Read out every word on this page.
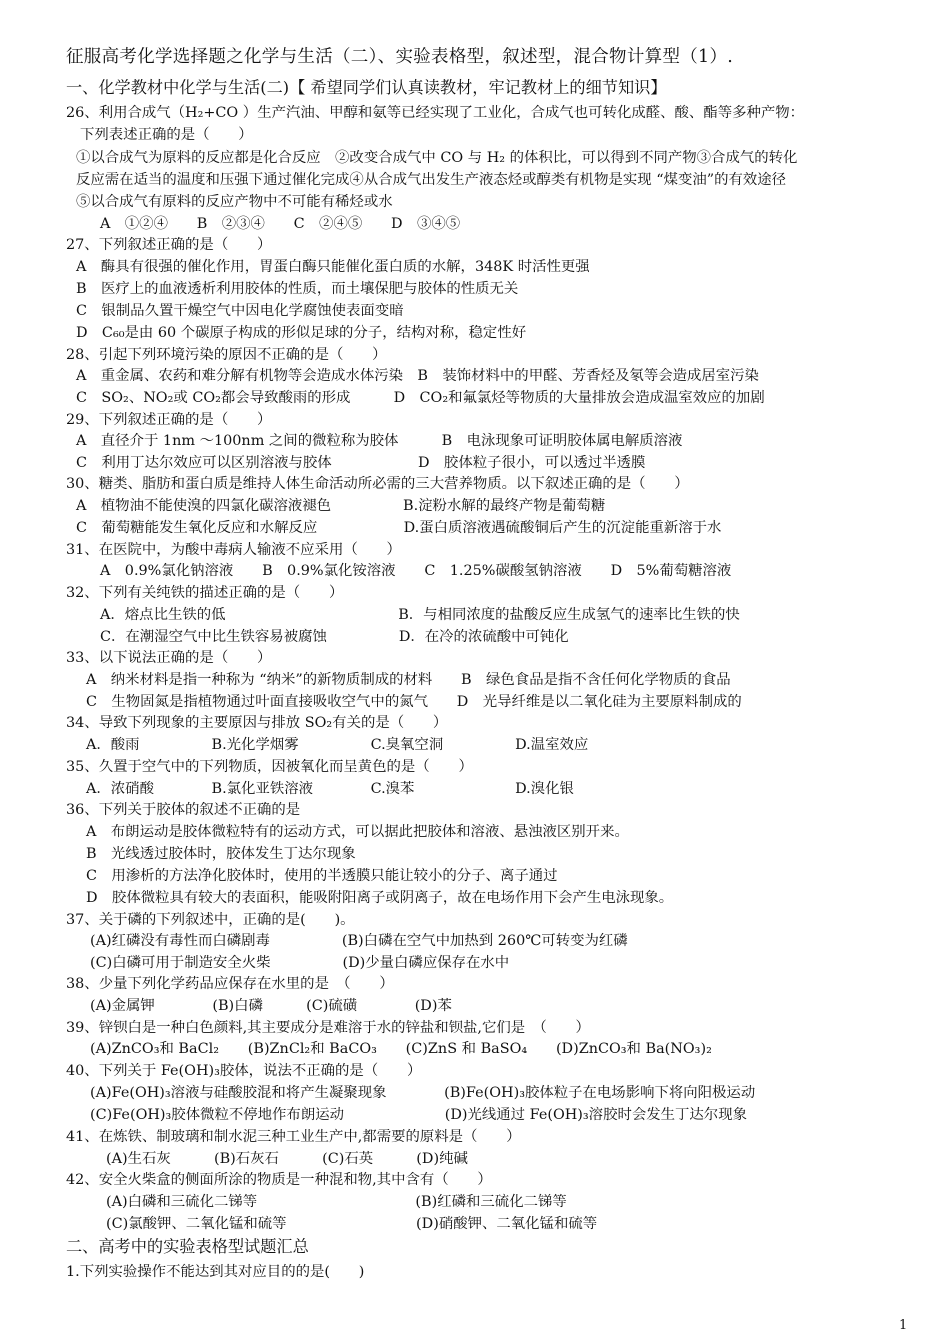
征服高考化学选择题之化学与生活（二）、实验表格型，叙述型，混合物计算型（1）.
一、化学教材中化学与生活(二)【 希望同学们认真读教材，牢记教材上的细节知识】
26、利用合成气（H₂+CO ）生产汽油、甲醇和氨等已经实现了工业化，合成气也可转化成醛、酸、酯等多种产物：
下列表述正确的是（　　）
①以合成气为原料的反应都是化合反应　②改变合成气中 CO 与 H₂ 的体积比，可以得到不同产物③合成气的转化
反应需在适当的温度和压强下通过催化完成④从合成气出发生产液态烃或醇类有机物是实现 “煤变油”的有效途径
⑤以合成气有原料的反应产物中不可能有稀烃或水
A　①②④　　B　②③④　　C　②④⑤　　D　③④⑤
27、下列叙述正确的是（　　）
A　酶具有很强的催化作用，胃蛋白酶只能催化蛋白质的水解，348K 时活性更强
B　医疗上的血液透析利用胶体的性质，而土壤保肥与胶体的性质无关
C　银制品久置干燥空气中因电化学腐蚀使表面变暗
D　C₆₀是由 60 个碳原子构成的形似足球的分子，结构对称，稳定性好
28、引起下列环境污染的原因不正确的是（　　）
A　重金属、农药和难分解有机物等会造成水体污染　B　装饰材料中的甲醛、芳香烃及氡等会造成居室污染
C　SO₂、NO₂或 CO₂都会导致酸雨的形成　　　D　CO₂和氟氯烃等物质的大量排放会造成温室效应的加剧
29、下列叙述正确的是（　　）
A　直径介于 1nm ～100nm 之间的微粒称为胶体　　　B　电泳现象可证明胶体属电解质溶液
C　利用丁达尔效应可以区别溶液与胶体　　　　　　D　胶体粒子很小，可以透过半透膜
30、糖类、脂肪和蛋白质是维持人体生命活动所必需的三大营养物质。以下叙述正确的是（　　）
A　植物油不能使溴的四氯化碳溶液褪色　　　　　B.淀粉水解的最终产物是葡萄糖
C　葡萄糖能发生氧化反应和水解反应　　　　　　D.蛋白质溶液遇硫酸铜后产生的沉淀能重新溶于水
31、在医院中，为酸中毒病人输液不应采用（　　）
A　0.9%氯化钠溶液　　B　0.9%氯化铵溶液　　C　1.25%碳酸氢钠溶液　　D　5%葡萄糖溶液
32、下列有关纯铁的描述正确的是（　　）
A．熔点比生铁的低　　　　　　　　　　　　B．与相同浓度的盐酸反应生成氢气的速率比生铁的快
C．在潮湿空气中比生铁容易被腐蚀　　　　　D．在冷的浓硫酸中可钝化
33、以下说法正确的是（　　）
A　纳米材料是指一种称为 “纳米”的新物质制成的材料　　B　绿色食品是指不含任何化学物质的食品
C　生物固氮是指植物通过叶面直接吸收空气中的氮气　　D　光导纤维是以二氧化硅为主要原料制成的
34、导致下列现象的主要原因与排放 SO₂有关的是（　　）
A．酸雨　　　　　B.光化学烟雾　　　　　C.臭氧空洞　　　　　D.温室效应
35、久置于空气中的下列物质，因被氧化而呈黄色的是（　　）
A．浓硝酸　　　　B.氯化亚铁溶液　　　　C.溴苯　　　　　　　D.溴化银
36、下列关于胶体的叙述不正确的是
A　布朗运动是胶体微粒特有的运动方式，可以据此把胶体和溶液、悬浊液区别开来。
B　光线透过胶体时，胶体发生丁达尔现象
C　用渗析的方法净化胶体时，使用的半透膜只能让较小的分子、离子通过
D　胶体微粒具有较大的表面积，能吸附阳离子或阴离子，故在电场作用下会产生电泳现象。
37、关于磷的下列叙述中，正确的是(　　)。
(A)红磷没有毒性而白磷剧毒　　　　　(B)白磷在空气中加热到 260℃可转变为红磷
(C)白磷可用于制造安全火柴　　　　　(D)少量白磷应保存在水中
38、少量下列化学药品应保存在水里的是　（　　）
(A)金属钾　　　　(B)白磷　　　(C)硫磺　　　　(D)苯
39、锌钡白是一种白色颜料,其主要成分是难溶于水的锌盐和钡盐,它们是　（　　）
(A)ZnCO₃和 BaCl₂　　(B)ZnCl₂和 BaCO₃　　(C)ZnS 和 BaSO₄　　(D)ZnCO₃和 Ba(NO₃)₂
40、下列关于 Fe(OH)₃胶体，说法不正确的是（　　）
(A)Fe(OH)₃溶液与硅酸胶混和将产生凝聚现象　　　　(B)Fe(OH)₃胶体粒子在电场影响下将向阳极运动
(C)Fe(OH)₃胶体微粒不停地作布朗运动　　　　　　　(D)光线通过 Fe(OH)₃溶胶时会发生丁达尔现象
41、在炼铁、制玻璃和制水泥三种工业生产中,都需要的原料是（　　）
(A)生石灰　　　(B)石灰石　　　(C)石英　　　(D)纯碱
42、安全火柴盒的侧面所涂的物质是一种混和物,其中含有（　　）
(A)白磷和三硫化二锑等　　　　　　　　　　　(B)红磷和三硫化二锑等
(C)氯酸钾、二氧化锰和硫等　　　　　　　　　(D)硝酸钾、二氧化锰和硫等
二、高考中的实验表格型试题汇总
1.下列实验操作不能达到其对应目的的是(　　)
1
